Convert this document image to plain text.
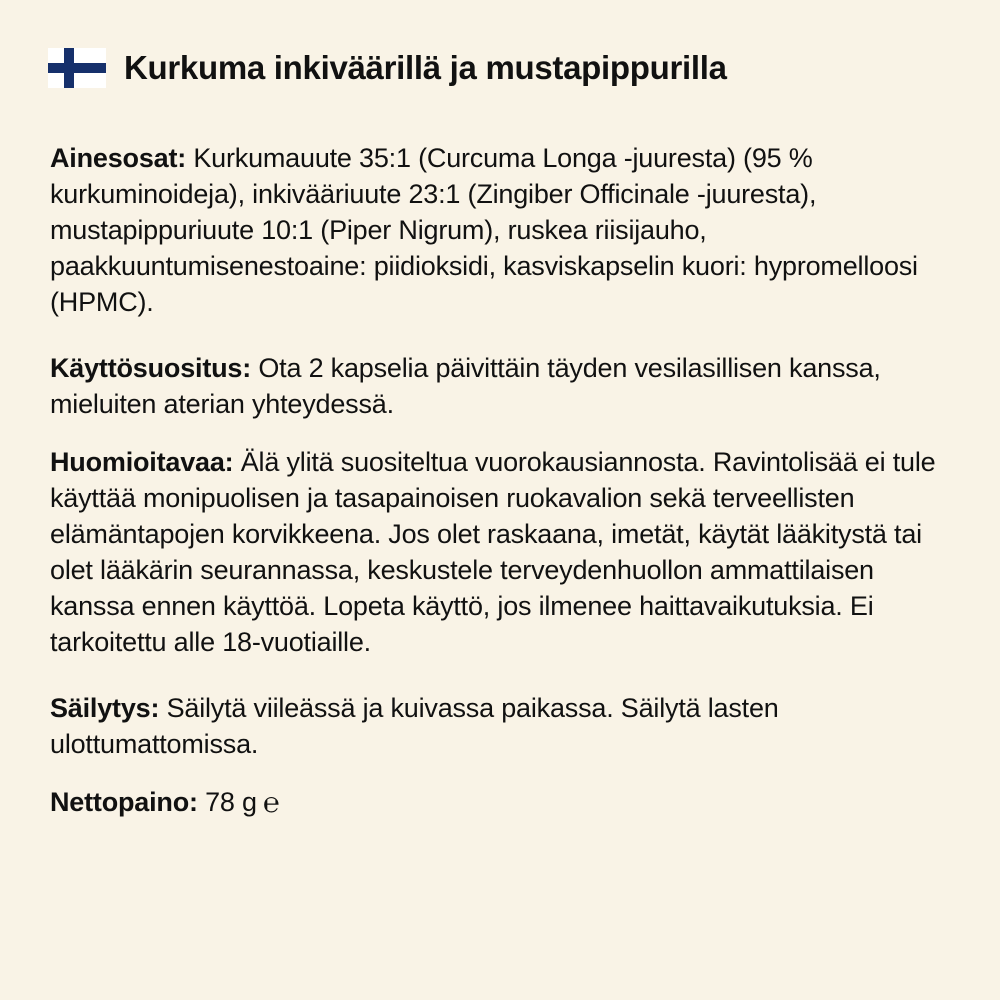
Kurkuma inkiväärillä ja mustapippurilla

Ainesosat: Kurkumauute 35:1 (Curcuma Longa -juuresta) (95 % kurkuminoideja), inkivääriuute 23:1 (Zingiber Officinale -juuresta), mustapippuriuute 10:1 (Piper Nigrum), ruskea riisijauho, paakkuuntumisenestoaine: piidioksidi, kasviskapselin kuori: hypromelloosi (HPMC).

Käyttösuositus: Ota 2 kapselia päivittäin täyden vesilasillisen kanssa, mieluiten aterian yhteydessä.

Huomioitavaa: Älä ylitä suositeltua vuorokausiannosta. Ravintolisää ei tule käyttää monipuolisen ja tasapainoisen ruokavalion sekä terveellisten elämäntapojen korvikkeena. Jos olet raskaana, imetät, käytät lääkitystä tai olet lääkärin seurannassa, keskustele terveydenhuollon ammattilaisen kanssa ennen käyttöä. Lopeta käyttö, jos ilmenee haittavaikutuksia. Ei tarkoitettu alle 18-vuotiaille.

Säilytys: Säilytä viileässä ja kuivassa paikassa. Säilytä lasten ulottumattomissa.

Nettopaino: 78 g ℮
